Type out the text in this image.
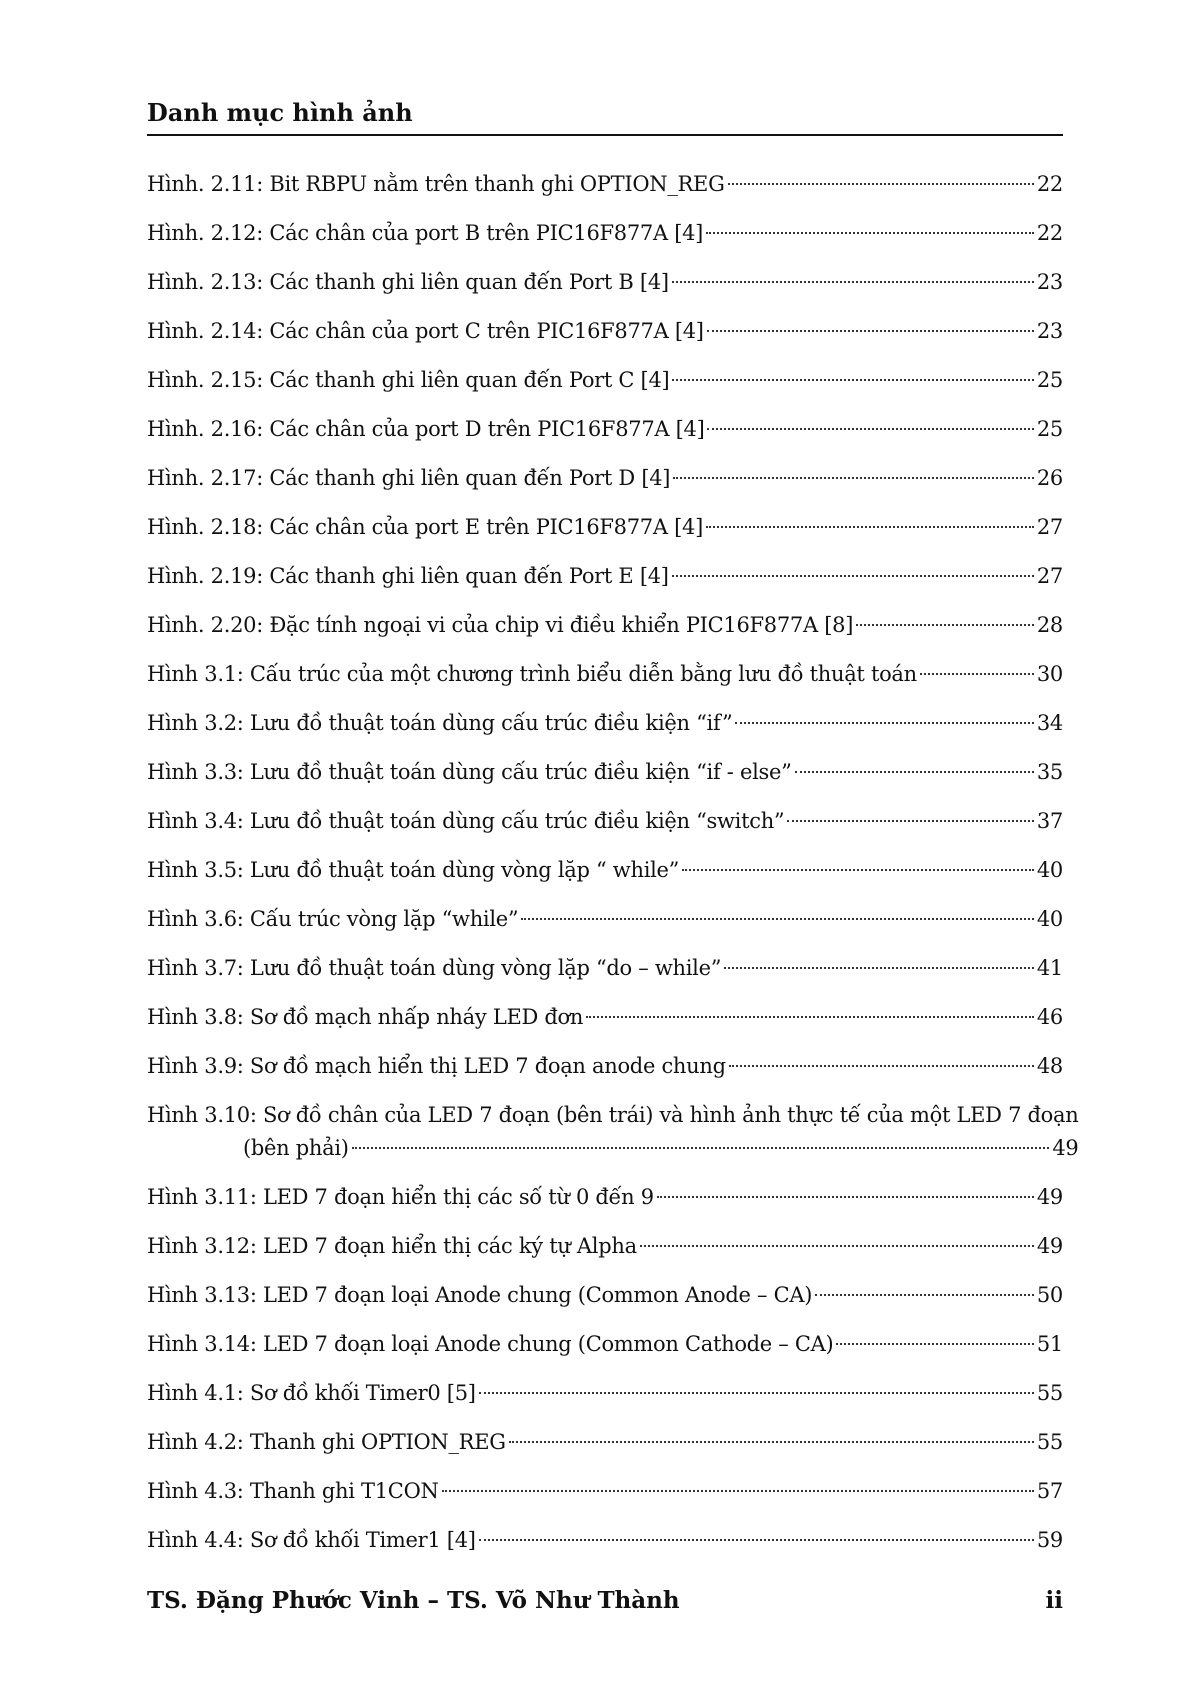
Danh mục hình ảnh
Hình. 2.11: Bit RBPU nằm trên thanh ghi OPTION_REG	22
Hình. 2.12: Các chân của port B trên PIC16F877A [4]	22
Hình. 2.13: Các thanh ghi liên quan đến Port B [4]	23
Hình. 2.14: Các chân của port C trên PIC16F877A [4]	23
Hình. 2.15: Các thanh ghi liên quan đến Port C [4]	25
Hình. 2.16: Các chân của port D trên PIC16F877A [4]	25
Hình. 2.17: Các thanh ghi liên quan đến Port D [4]	26
Hình. 2.18: Các chân của port E trên PIC16F877A [4]	27
Hình. 2.19: Các thanh ghi liên quan đến Port E [4]	27
Hình. 2.20: Đặc tính ngoại vi của chip vi điều khiển PIC16F877A [8]	28
Hình 3.1: Cấu trúc của một chương trình biểu diễn bằng lưu đồ thuật toán	30
Hình 3.2: Lưu đồ thuật toán dùng cấu trúc điều kiện “if”	34
Hình 3.3: Lưu đồ thuật toán dùng cấu trúc điều kiện “if - else”	35
Hình 3.4: Lưu đồ thuật toán dùng cấu trúc điều kiện “switch”	37
Hình 3.5: Lưu đồ thuật toán dùng vòng lặp “ while”	40
Hình 3.6: Cấu trúc vòng lặp “while”	40
Hình 3.7: Lưu đồ thuật toán dùng vòng lặp “do – while”	41
Hình 3.8: Sơ đồ mạch nhấp nháy LED đơn	46
Hình 3.9: Sơ đồ mạch hiển thị LED 7 đoạn anode chung	48
Hình 3.10: Sơ đồ chân của LED 7 đoạn (bên trái) và hình ảnh thực tế của một LED 7 đoạn
(bên phải)	49
Hình 3.11: LED 7 đoạn hiển thị các số từ 0 đến 9	49
Hình 3.12: LED 7 đoạn hiển thị các ký tự Alpha	49
Hình 3.13: LED 7 đoạn loại Anode chung (Common Anode – CA)	50
Hình 3.14: LED 7 đoạn loại Anode chung (Common Cathode – CA)	51
Hình 4.1: Sơ đồ khối Timer0 [5]	55
Hình 4.2: Thanh ghi OPTION_REG	55
Hình 4.3: Thanh ghi T1CON	57
Hình 4.4: Sơ đồ khối Timer1 [4]	59
TS. Đặng Phước Vinh – TS. Võ Như Thành	ii
